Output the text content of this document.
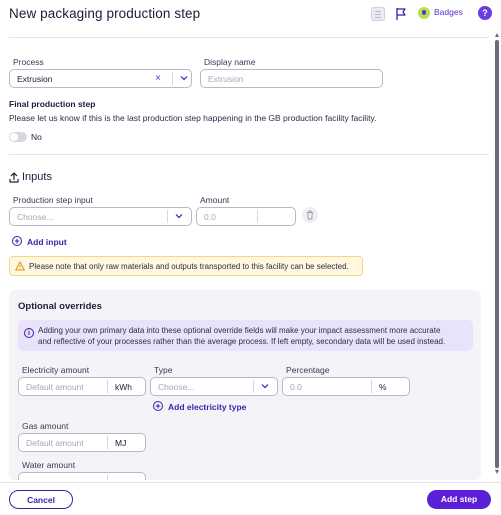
New packaging production step	Badges	?
Process
Extrusion	×
Display name
Extrusion
Final production step
Please let us know if this is the last production step happening in the GB production facility facility.
No
Inputs
Production step input
Choose...
Amount
0.0
+ Add input
Please note that only raw materials and outputs transported to this facility can be selected.
Optional overrides
i	Adding your own primary data into these optional override fields will make your impact assessment more accurate
and reflective of your processes rather than the average process. If left empty, secondary data will be used instead.
Electricity amount
Default amount	kWh
Type
Choose...
Percentage
0.0	%
+ Add electricity type
Gas amount
Default amount	MJ
Water amount
Cancel	Add step
